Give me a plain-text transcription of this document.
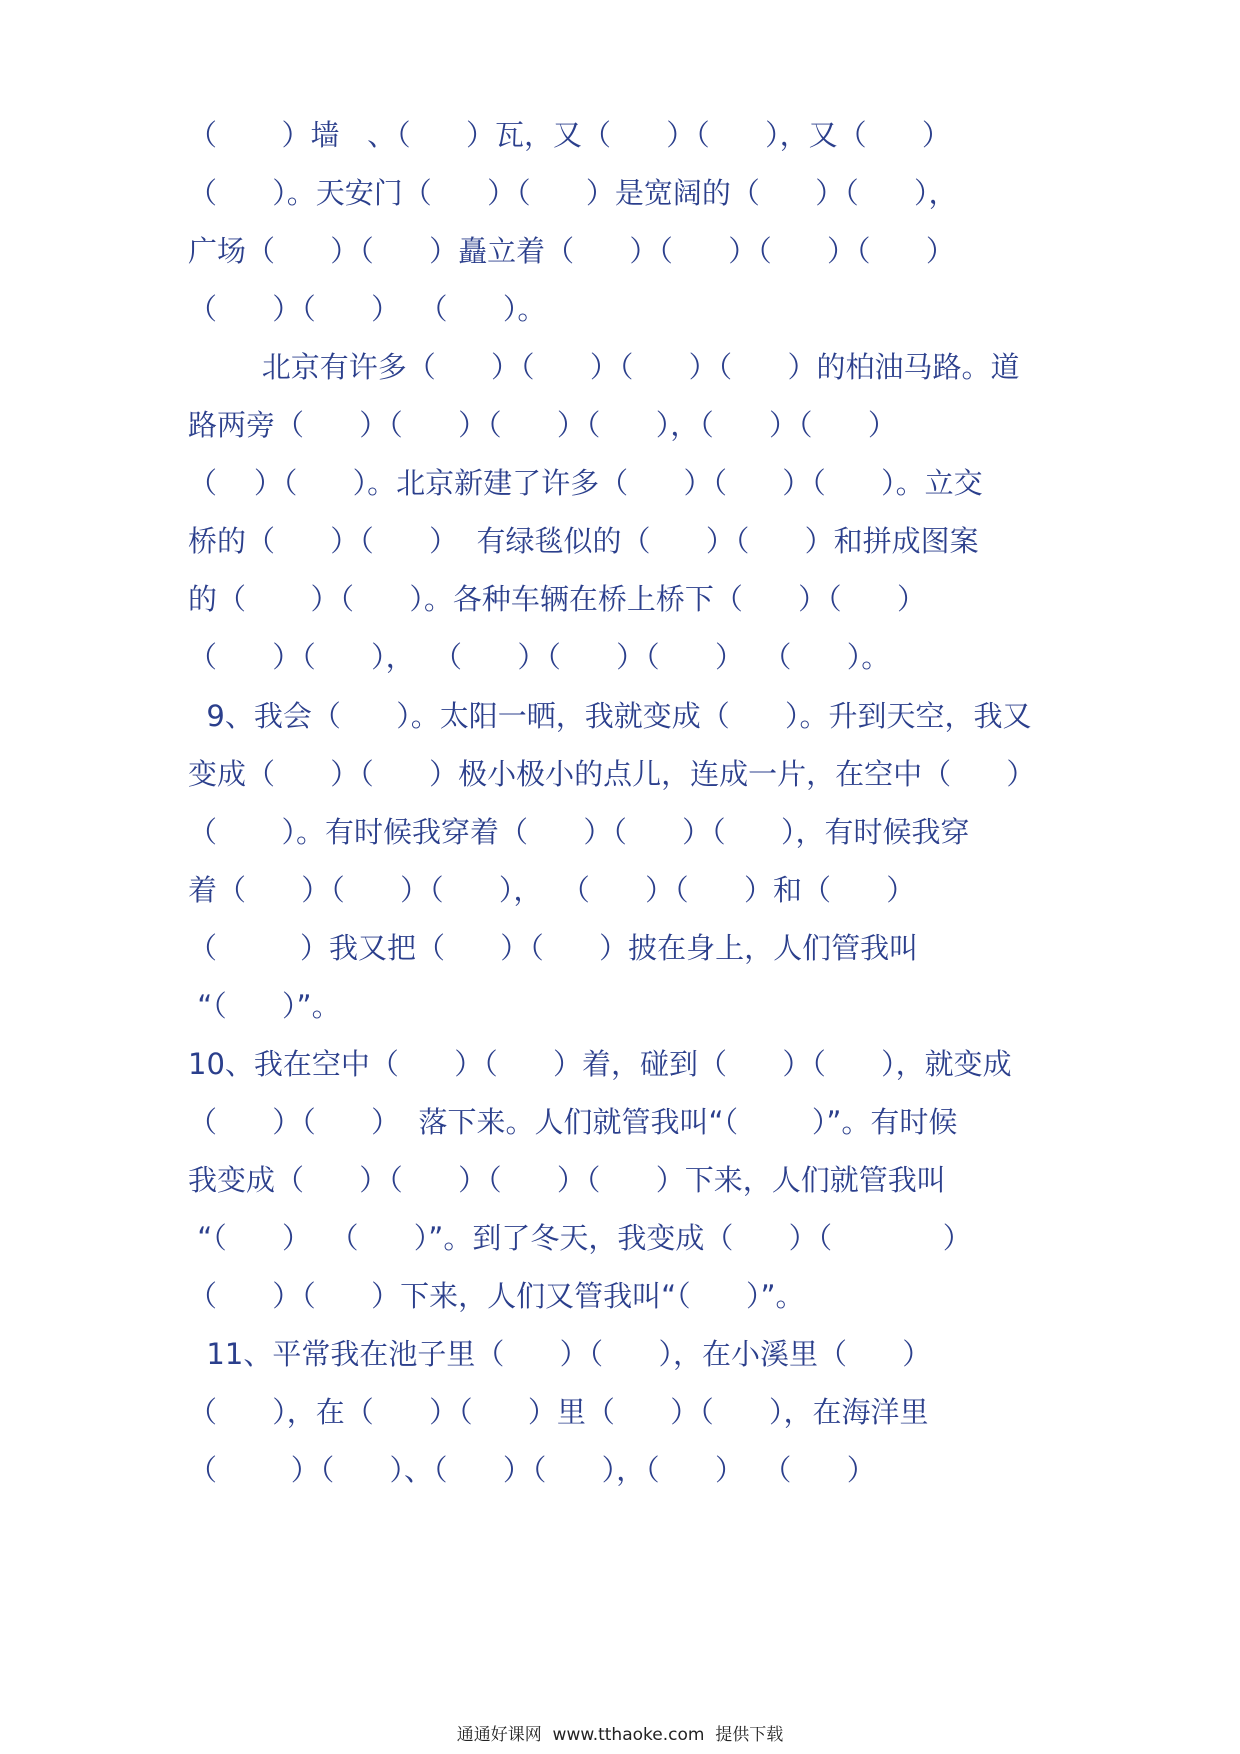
（       ）墙   、（      ）瓦，又（      ）（      ），又（      ）
（      ）。天安门（      ）（      ）是宽阔的（      ）（      ），
广场（      ）（      ）矗立着（      ）（      ）（      ）（      ）
（      ）（      ）  （      ）。
北京有许多（      ）（      ）（      ）（      ）的柏油马路。道
路两旁（      ）（      ）（      ）（      ），（      ）（      ）
（    ）（      ）。北京新建了许多（      ）（      ）（      ）。立交
桥的（      ）（      ）  有绿毯似的（      ）（      ）和拼成图案
的（       ）（      ）。各种车辆在桥上桥下（      ）（      ）
（      ）（      ），  （      ）（      ）（      ）  （      ）。
9、我会（      ）。太阳一晒，我就变成（      ）。升到天空，我又
变成（      ）（      ）极小极小的点儿，连成一片，在空中（      ）
（       ）。有时候我穿着（      ）（      ）（      ），有时候我穿
着（      ）（      ）（      ），  （      ）（      ）和（      ）
（         ）我又把（      ）（      ）披在身上，人们管我叫
“（      ）”。
10、我在空中（      ）（      ）着，碰到（      ）（      ），就变成
（      ）（      ）  落下来。人们就管我叫“（        ）”。有时候
我变成（      ）（      ）（      ）（      ）下来，人们就管我叫
“（      ）  （      ）”。到了冬天，我变成（      ）（            ）
（      ）（      ）下来，人们又管我叫“（      ）”。
11、平常我在池子里（      ）（      ），在小溪里（      ）
（      ），在（      ）（      ）里（      ）（      ），在海洋里
（        ）（      ）、（      ）（      ），（      ）  （      ）
通通好课网 www.tthaoke.com 提供下载
